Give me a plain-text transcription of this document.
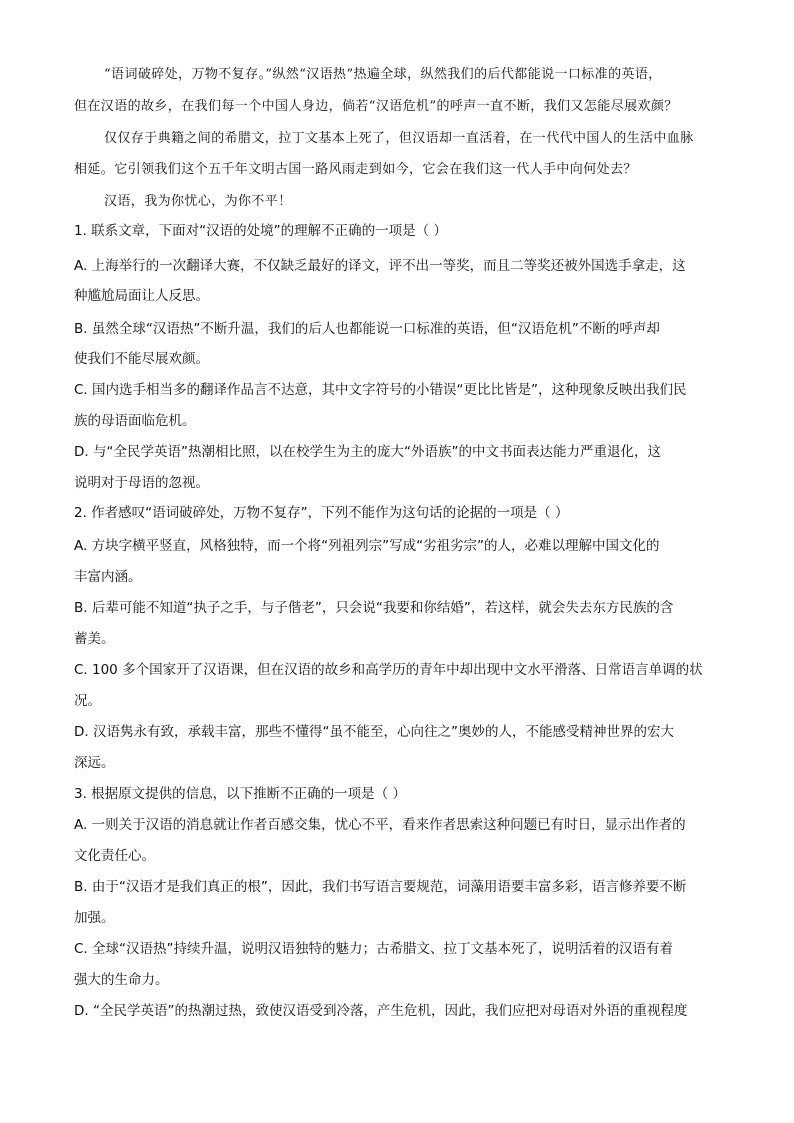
“语词破碎处，万物不复存。”纵然“汉语热”热遍全球，纵然我们的后代都能说一口标准的英语，
但在汉语的故乡，在我们每一个中国人身边，倘若“汉语危机”的呼声一直不断，我们又怎能尽展欢颜？
仅仅存于典籍之间的希腊文，拉丁文基本上死了，但汉语却一直活着，在一代代中国人的生活中血脉
相延。它引领我们这个五千年文明古国一路风雨走到如今，它会在我们这一代人手中向何处去？
汉语，我为你忧心，为你不平！
1. 联系文章，下面对“汉语的处境”的理解不正确的一项是（ ）
A. 上海举行的一次翻译大赛，不仅缺乏最好的译文，评不出一等奖，而且二等奖还被外国选手拿走，这
种尴尬局面让人反思。
B. 虽然全球“汉语热”不断升温，我们的后人也都能说一口标准的英语，但“汉语危机”不断的呼声却
使我们不能尽展欢颜。
C. 国内选手相当多的翻译作品言不达意，其中文字符号的小错误“更比比皆是”，这种现象反映出我们民
族的母语面临危机。
D. 与“全民学英语”热潮相比照，以在校学生为主的庞大“外语族”的中文书面表达能力严重退化，这
说明对于母语的忽视。
2. 作者感叹“语词破碎处，万物不复存”，下列不能作为这句话的论据的一项是（ ）
A. 方块字横平竖直，风格独特，而一个将“列祖列宗”写成“劣祖劣宗”的人，必难以理解中国文化的
丰富内涵。
B. 后辈可能不知道“执子之手，与子偕老”，只会说“我要和你结婚”，若这样，就会失去东方民族的含
蓄美。
C. 100 多个国家开了汉语课，但在汉语的故乡和高学历的青年中却出现中文水平滑落、日常语言单调的状
况。
D. 汉语隽永有致，承载丰富，那些不懂得“虽不能至，心向往之”奥妙的人，不能感受精神世界的宏大
深远。
3. 根据原文提供的信息，以下推断不正确的一项是（ ）
A. 一则关于汉语的消息就让作者百感交集，忧心不平，看来作者思索这种问题已有时日，显示出作者的
文化责任心。
B. 由于“汉语才是我们真正的根”，因此，我们书写语言要规范，词藻用语要丰富多彩，语言修养要不断
加强。
C. 全球“汉语热”持续升温，说明汉语独特的魅力；古希腊文、拉丁文基本死了，说明活着的汉语有着
强大的生命力。
D. “全民学英语”的热潮过热，致使汉语受到冷落，产生危机，因此，我们应把对母语对外语的重视程度
